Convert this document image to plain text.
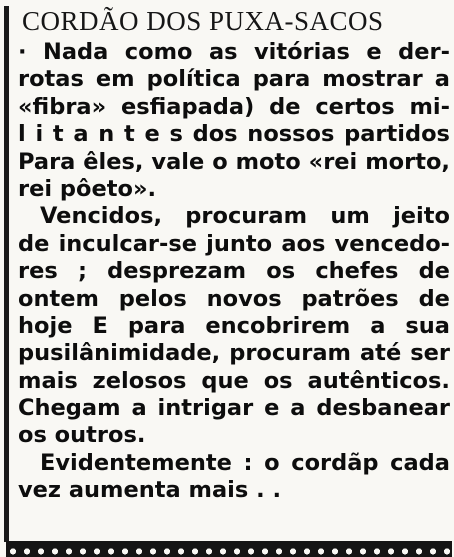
CORDÃO DOS PUXA-SACOS
· Nada como as vitórias e der-
rotas em política para mostrar a
«fibra» esfiapada) de certos mi-
l i t a n t e s dos nossos partidos
Para êles, vale o moto «rei morto,
rei pôeto».
Vencidos, procuram um jeito
de inculcar-se junto aos vencedo-
res ; desprezam os chefes de
ontem pelos novos patrões de
hoje E para encobrirem a sua
pusilânimidade, procuram até ser
mais zelosos que os autênticos.
Chegam a intrigar e a desbanear
os outros.
Evidentemente : o cordãp cada
vez aumenta mais . .
